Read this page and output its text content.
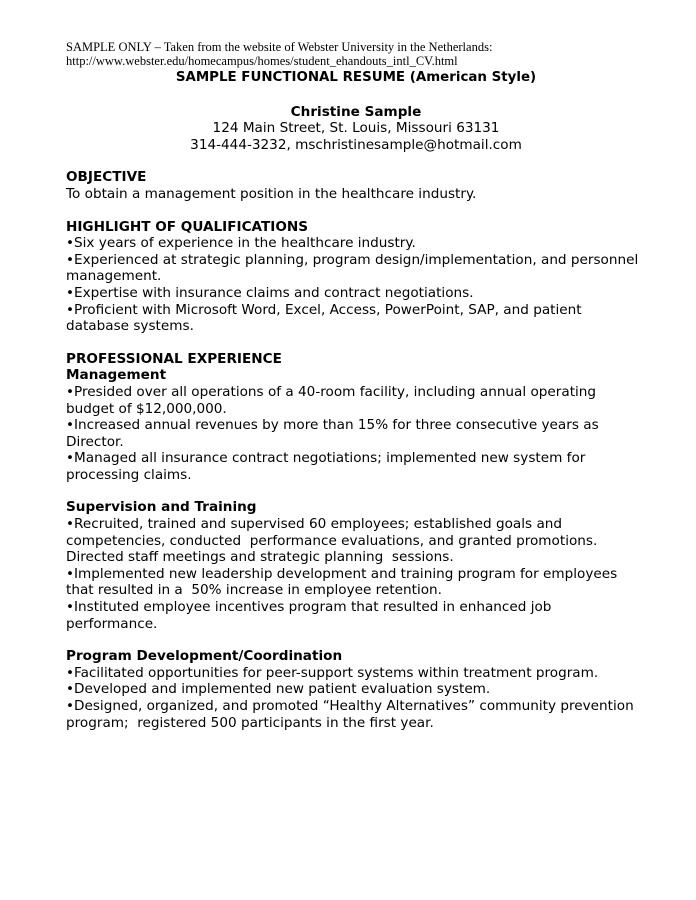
SAMPLE ONLY – Taken from the website of Webster University in the Netherlands:

http://www.webster.edu/homecampus/homes/student_ehandouts_intl_CV.html

SAMPLE FUNCTIONAL RESUME (American Style)

Christine Sample
124 Main Street, St. Louis, Missouri 63131
314-444-3232, mschristinesample@hotmail.com

OBJECTIVE

To obtain a management position in the healthcare industry.

HIGHLIGHT OF QUALIFICATIONS

•Six years of experience in the healthcare industry.

•Experienced at strategic planning, program design/implementation, and personnel management.

•Expertise with insurance claims and contract negotiations.

•Proficient with Microsoft Word, Excel, Access, PowerPoint, SAP, and patient database systems.

PROFESSIONAL EXPERIENCE

Management

•Presided over all operations of a 40-room facility, including annual operating budget of $12,000,000.

•Increased annual revenues by more than 15% for three consecutive years as Director.

•Managed all insurance contract negotiations; implemented new system for processing claims.

Supervision and Training

•Recruited, trained and supervised 60 employees; established goals and competencies, conducted  performance evaluations, and granted promotions. Directed staff meetings and strategic planning  sessions.

•Implemented new leadership development and training program for employees that resulted in a  50% increase in employee retention.

•Instituted employee incentives program that resulted in enhanced job performance.

Program Development/Coordination

•Facilitated opportunities for peer-support systems within treatment program.

•Developed and implemented new patient evaluation system.

•Designed, organized, and promoted “Healthy Alternatives” community prevention program;  registered 500 participants in the first year.
